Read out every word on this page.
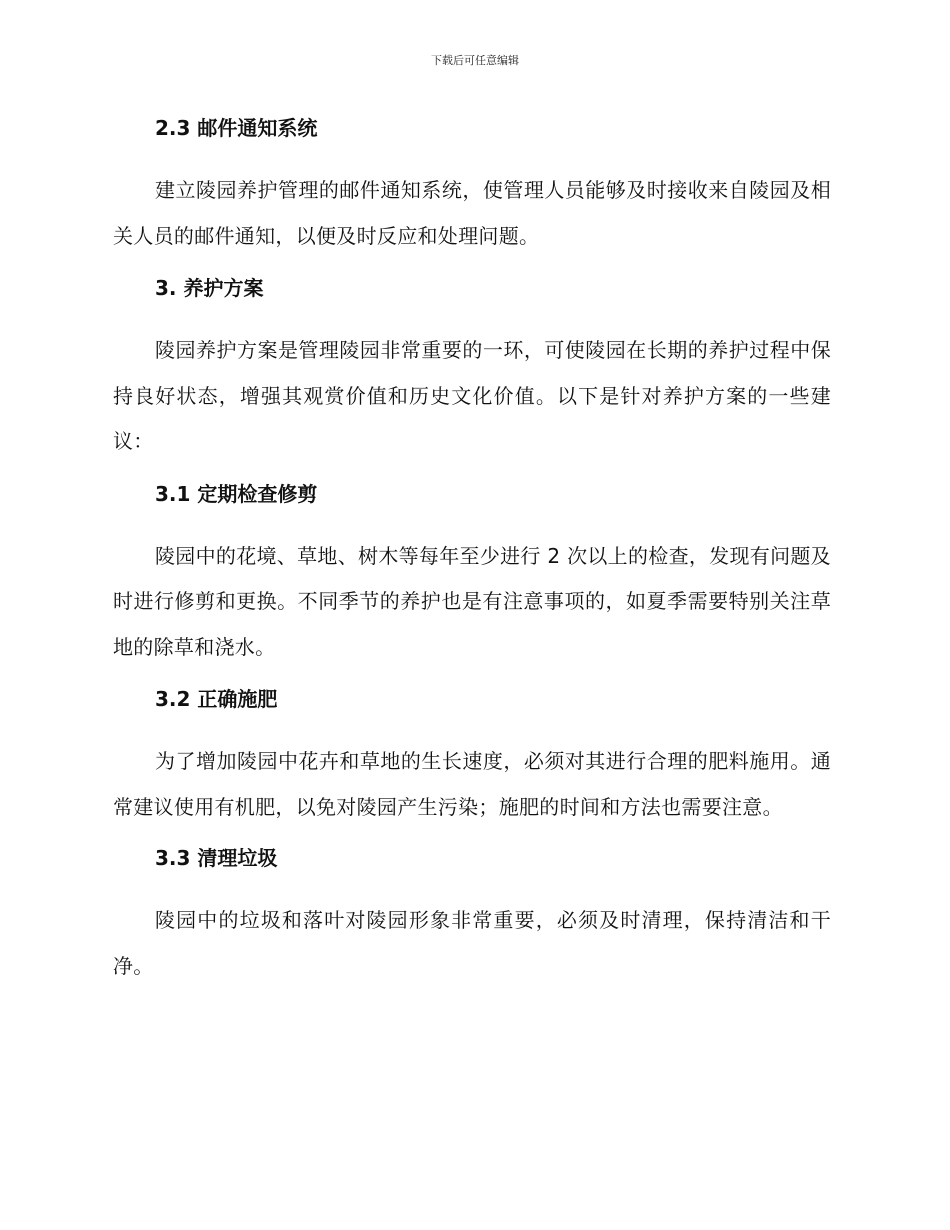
下载后可任意编辑
2.3 邮件通知系统

建立陵园养护管理的邮件通知系统，使管理人员能够及时接收来自陵园及相关人员的邮件通知，以便及时反应和处理问题。

3. 养护方案

陵园养护方案是管理陵园非常重要的一环，可使陵园在长期的养护过程中保持良好状态，增强其观赏价值和历史文化价值。以下是针对养护方案的一些建议：

3.1 定期检查修剪

陵园中的花境、草地、树木等每年至少进行 2 次以上的检查，发现有问题及时进行修剪和更换。不同季节的养护也是有注意事项的，如夏季需要特别关注草地的除草和浇水。

3.2 正确施肥

为了增加陵园中花卉和草地的生长速度，必须对其进行合理的肥料施用。通常建议使用有机肥，以免对陵园产生污染；施肥的时间和方法也需要注意。

3.3 清理垃圾

陵园中的垃圾和落叶对陵园形象非常重要，必须及时清理，保持清洁和干净。
